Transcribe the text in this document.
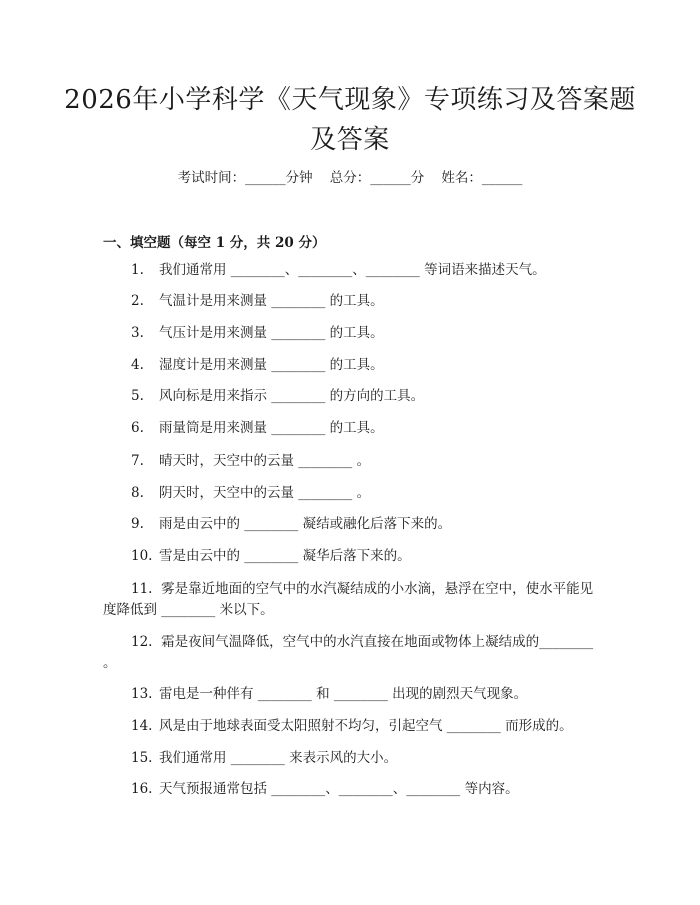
2026年小学科学《天气现象》专项练习及答案题及答案
考试时间：______分钟    总分：______分    姓名：______
一、填空题（每空 1 分，共 20 分）
1. 我们通常用 ________、________、________ 等词语来描述天气。
2. 气温计是用来测量 ________ 的工具。
3. 气压计是用来测量 ________ 的工具。
4. 湿度计是用来测量 ________ 的工具。
5. 风向标是用来指示 ________ 的方向的工具。
6. 雨量筒是用来测量 ________ 的工具。
7. 晴天时，天空中的云量 ________ 。
8. 阴天时，天空中的云量 ________ 。
9. 雨是由云中的 ________ 凝结或融化后落下来的。
10. 雪是由云中的 ________ 凝华后落下来的。
11. 雾是靠近地面的空气中的水汽凝结成的小水滴，悬浮在空中，使水平能见度降低到 ________ 米以下。
12. 霜是夜间气温降低，空气中的水汽直接在地面或物体上凝结成的________ 。
13. 雷电是一种伴有 ________ 和 ________ 出现的剧烈天气现象。
14. 风是由于地球表面受太阳照射不均匀，引起空气 ________ 而形成的。
15. 我们通常用 ________ 来表示风的大小。
16. 天气预报通常包括 ________、________、________ 等内容。
